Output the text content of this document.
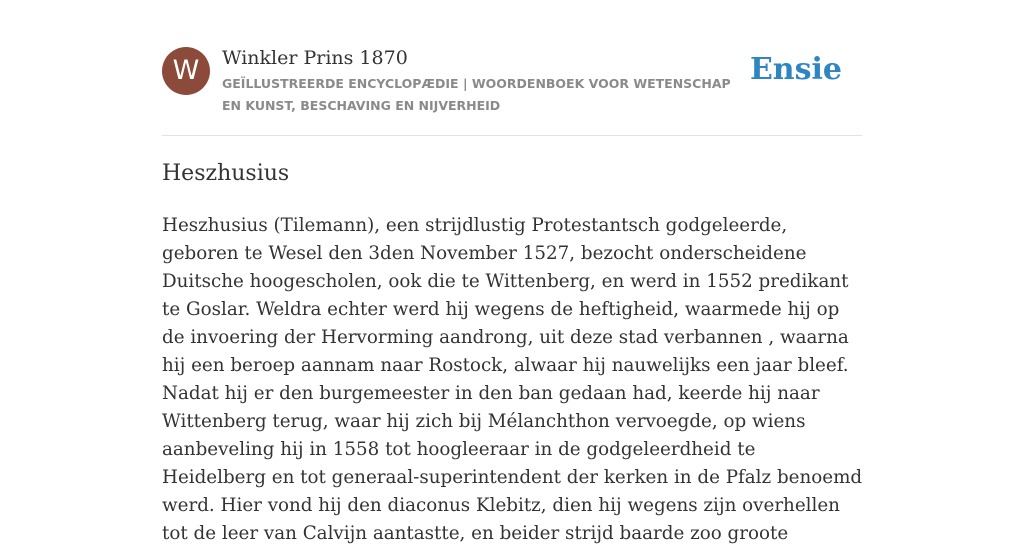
W	Winkler Prins 1870
GEÏLLUSTREERDE ENCYCLOPÆDIE | WOORDENBOEK VOOR WETENSCHAP EN KUNST, BESCHAVING EN NIJVERHEID
Ensie
Heszhusius

Heszhusius (Tilemann), een strijdlustig Protestantsch godgeleerde, geboren te Wesel den 3den November 1527, bezocht onderscheidene Duitsche hoogescholen, ook die te Wittenberg, en werd in 1552 predikant te Goslar. Weldra echter werd hij wegens de heftigheid, waarmede hij op de invoering der Hervorming aandrong, uit deze stad verbannen , waarna hij een beroep aannam naar Rostock, alwaar hij nauwelijks een jaar bleef. Nadat hij er den burgemeester in den ban gedaan had, keerde hij naar Wittenberg terug, waar hij zich bij Mélanchthon vervoegde, op wiens aanbeveling hij in 1558 tot hoogleeraar in de godgeleerdheid te Heidelberg en tot generaal-superintendent der kerken in de Pfalz benoemd werd. Hier vond hij den diaconus Klebitz, dien hij wegens zijn overhellen tot de leer van Calvijn aantastte, en beider strijd baarde zoo groote
